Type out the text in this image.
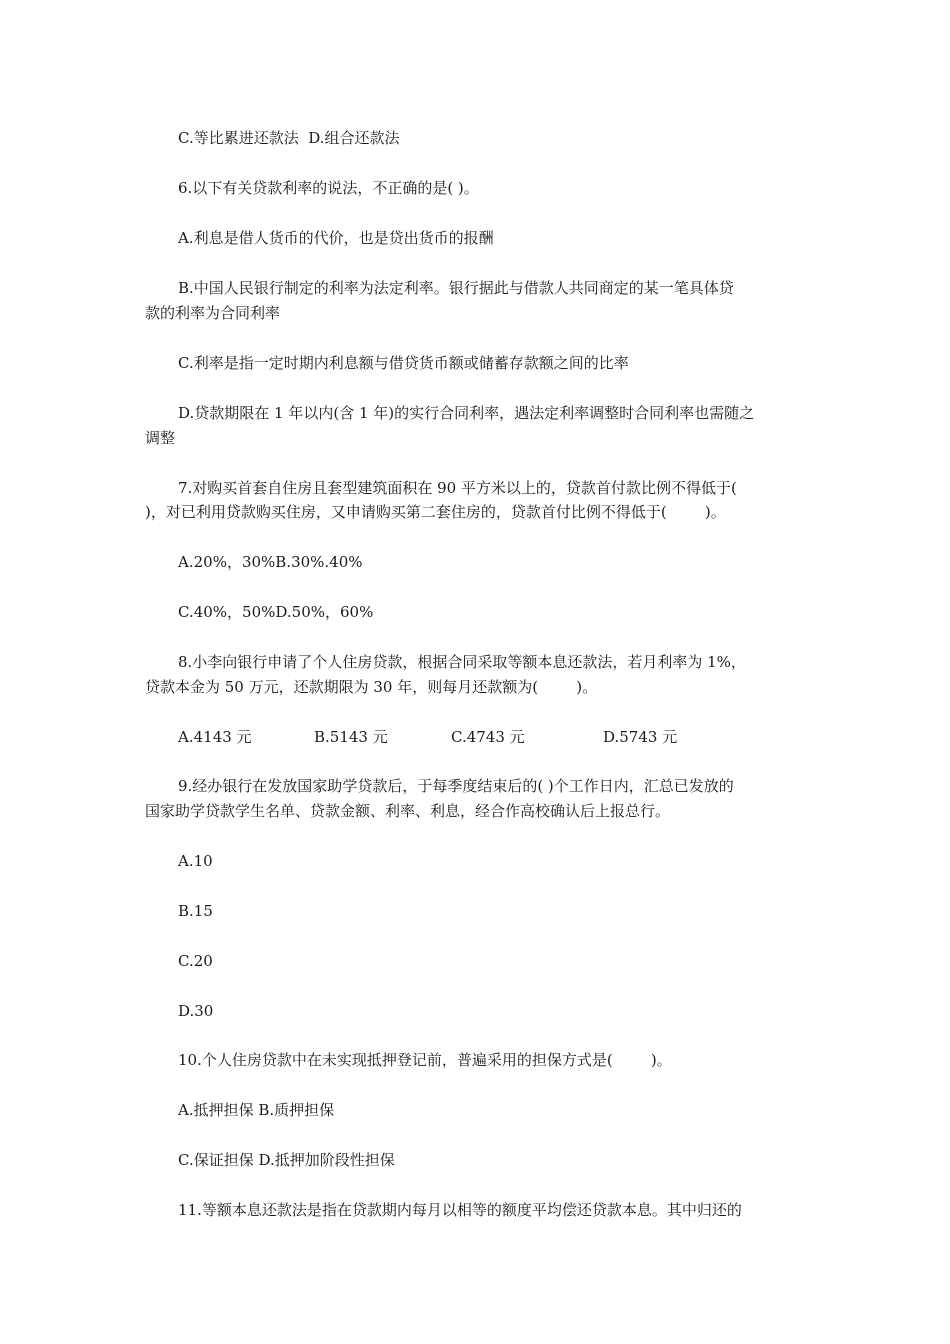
C.等比累进还款法  D.组合还款法
6.以下有关贷款利率的说法，不正确的是( )。
A.利息是借人货币的代价，也是贷出货币的报酬
B.中国人民银行制定的利率为法定利率。银行据此与借款人共同商定的某一笔具体贷
款的利率为合同利率
C.利率是指一定时期内利息额与借贷货币额或储蓄存款额之间的比率
D.贷款期限在 1 年以内(含 1 年)的实行合同利率，遇法定利率调整时合同利率也需随之
调整
7.对购买首套自住房且套型建筑面积在 90 平方米以上的，贷款首付款比例不得低于(
)，对已利用贷款购买住房，又申请购买第二套住房的，贷款首付比例不得低于(        )。
A.20%，30%B.30%.40%
C.40%，50%D.50%，60%
8.小李向银行申请了个人住房贷款，根据合同采取等额本息还款法，若月利率为 1%，
贷款本金为 50 万元，还款期限为 30 年，则每月还款额为(        )。

A.4143 元

	B.5143 元

	C.4743 元

	D.5743 元

9.经办银行在发放国家助学贷款后，于每季度结束后的( )个工作日内，汇总已发放的
国家助学贷款学生名单、贷款金额、利率、利息，经合作高校确认后上报总行。
A.10
B.15
C.20
D.30
10.个人住房贷款中在未实现抵押登记前，普遍采用的担保方式是(        )。
A.抵押担保 B.质押担保
C.保证担保 D.抵押加阶段性担保
11.等额本息还款法是指在贷款期内每月以相等的额度平均偿还贷款本息。其中归还的
